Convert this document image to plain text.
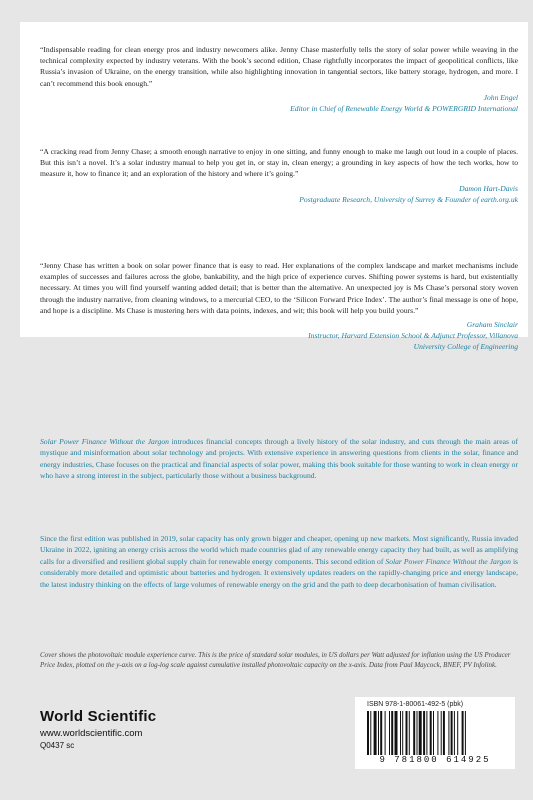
“Indispensable reading for clean energy pros and industry newcomers alike. Jenny Chase masterfully tells the story of solar power while weaving in the technical complexity expected by industry veterans. With the book’s second edition, Chase rightfully incorporates the impact of geopolitical conflicts, like Russia’s invasion of Ukraine, on the energy transition, while also highlighting innovation in tangential sectors, like battery storage, hydrogen, and more. I can’t recommend this book enough.”

John Engel
Editor in Chief of Renewable Energy World & POWERGRID International

“A cracking read from Jenny Chase; a smooth enough narrative to enjoy in one sitting, and funny enough to make me laugh out loud in a couple of places. But this isn’t a novel. It’s a solar industry manual to help you get in, or stay in, clean energy; a grounding in key aspects of how the tech works, how to measure it, how to finance it; and an exploration of the history and where it’s going.”

Damon Hart-Davis
Postgraduate Research, University of Surrey & Founder of earth.org.uk

“Jenny Chase has written a book on solar power finance that is easy to read. Her explanations of the complex landscape and market mechanisms include examples of successes and failures across the globe, bankability, and the high price of experience curves. Shifting power systems is hard, but existentially necessary. At times you will find yourself wanting added detail; that is better than the alternative. An unexpected joy is Ms Chase’s personal story woven through the industry narrative, from cleaning windows, to a mercurial CEO, to the ‘Silicon Forward Price Index’. The author’s final message is one of hope, and hope is a discipline. Ms Chase is mustering hers with data points, indexes, and wit; this book will help you build yours.”

Graham Sinclair
Instructor, Harvard Extension School & Adjunct Professor, Villanova
University College of Engineering

Solar Power Finance Without the Jargon introduces financial concepts through a lively history of the solar industry, and cuts through the main areas of mystique and misinformation about solar technology and projects. With extensive experience in answering questions from clients in the solar, finance and energy industries, Chase focuses on the practical and financial aspects of solar power, making this book suitable for those wanting to work in clean energy or who have a strong interest in the subject, particularly those without a business background.

Since the first edition was published in 2019, solar capacity has only grown bigger and cheaper, opening up new markets. Most significantly, Russia invaded Ukraine in 2022, igniting an energy crisis across the world which made countries glad of any renewable energy capacity they had built, as well as amplifying calls for a diversified and resilient global supply chain for renewable energy components. This second edition of Solar Power Finance Without the Jargon is considerably more detailed and optimistic about batteries and hydrogen. It extensively updates readers on the rapidly-changing price and energy landscape, the latest industry thinking on the effects of large volumes of renewable energy on the grid and the path to deep decarbonisation of human civilisation.

Cover shows the photovoltaic module experience curve. This is the price of standard solar modules, in US dollars per Watt adjusted for inflation using the US Producer Price Index, plotted on the y-axis on a log-log scale against cumulative installed photovoltaic capacity on the x-axis. Data from Paul Maycock, BNEF, PV Infolink.

World Scientific
www.worldscientific.com
Q0437 sc
ISBN 978-1-80061-492-5 (pbk)
9 781800 614925
